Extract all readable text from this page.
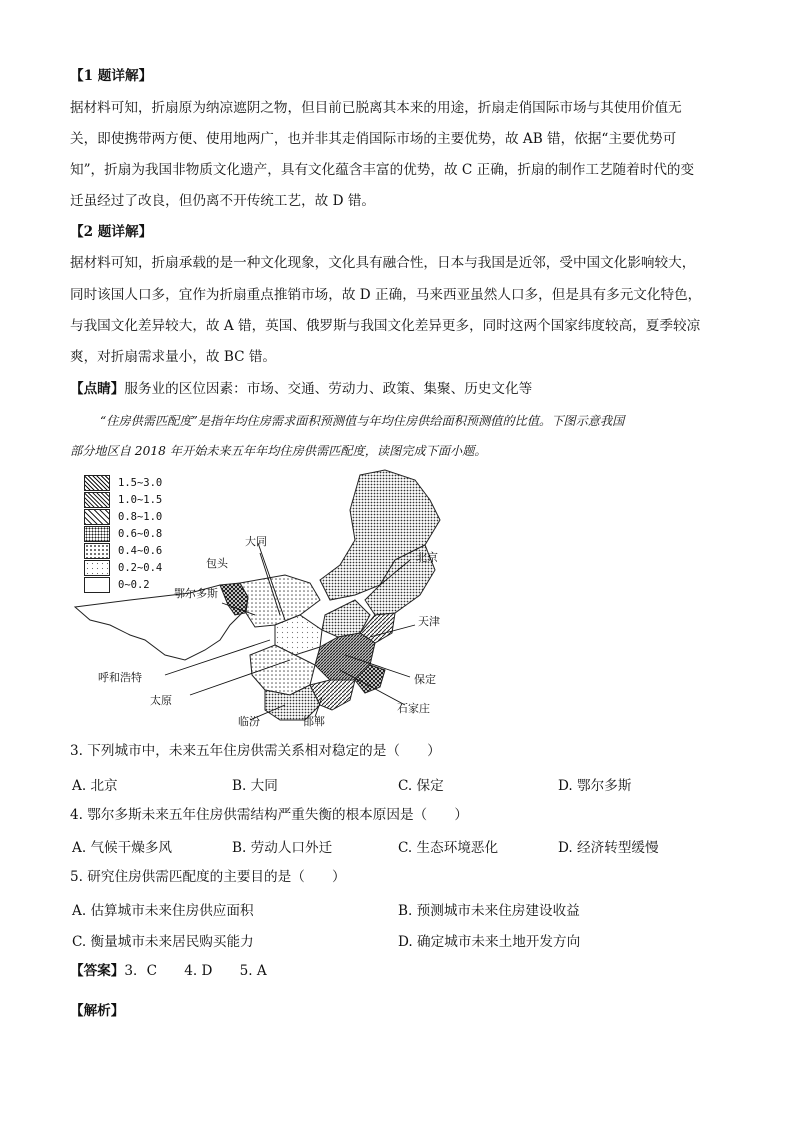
【1 题详解】
据材料可知，折扇原为纳凉遮阴之物，但目前已脱离其本来的用途，折扇走俏国际市场与其使用价值无
关，即使携带两方便、使用地两广，也并非其走俏国际市场的主要优势，故 AB 错，依据“主要优势可
知”，折扇为我国非物质文化遗产，具有文化蕴含丰富的优势，故 C 正确，折扇的制作工艺随着时代的变
迁虽经过了改良，但仍离不开传统工艺，故 D 错。
【2 题详解】
据材料可知，折扇承载的是一种文化现象，文化具有融合性，日本与我国是近邻，受中国文化影响较大，
同时该国人口多，宜作为折扇重点推销市场，故 D 正确，马来西亚虽然人口多，但是具有多元文化特色，
与我国文化差异较大，故 A 错，英国、俄罗斯与我国文化差异更多，同时这两个国家纬度较高，夏季较凉
爽，对折扇需求量小，故 BC 错。
【点睛】服务业的区位因素：市场、交通、劳动力、政策、集聚、历史文化等
“住房供需匹配度”是指年均住房需求面积预测值与年均住房供给面积预测值的比值。下图示意我国
部分地区自 2018 年开始未来五年年均住房供需匹配度，读图完成下面小题。
1.5~3.0
1.0~1.5
0.8~1.0
0.6~0.8
0.4~0.6
0.2~0.4
0~0.2
大同
包头	北京
鄂尔多斯
天津
呼和浩特	保定
太原
石家庄
临汾	邯郸
3. 下列城市中，未来五年住房供需关系相对稳定的是（　　）
A. 北京	B. 大同	C. 保定	D. 鄂尔多斯
4. 鄂尔多斯未来五年住房供需结构严重失衡的根本原因是（　　）
A. 气候干燥多风	B. 劳动人口外迁	C. 生态环境恶化	D. 经济转型缓慢
5. 研究住房供需匹配度的主要目的是（　　）
A. 估算城市未来住房供应面积	B. 预测城市未来住房建设收益
C. 衡量城市未来居民购买能力	D. 确定城市未来土地开发方向
【答案】3．C　　4. D　　5. A
【解析】
